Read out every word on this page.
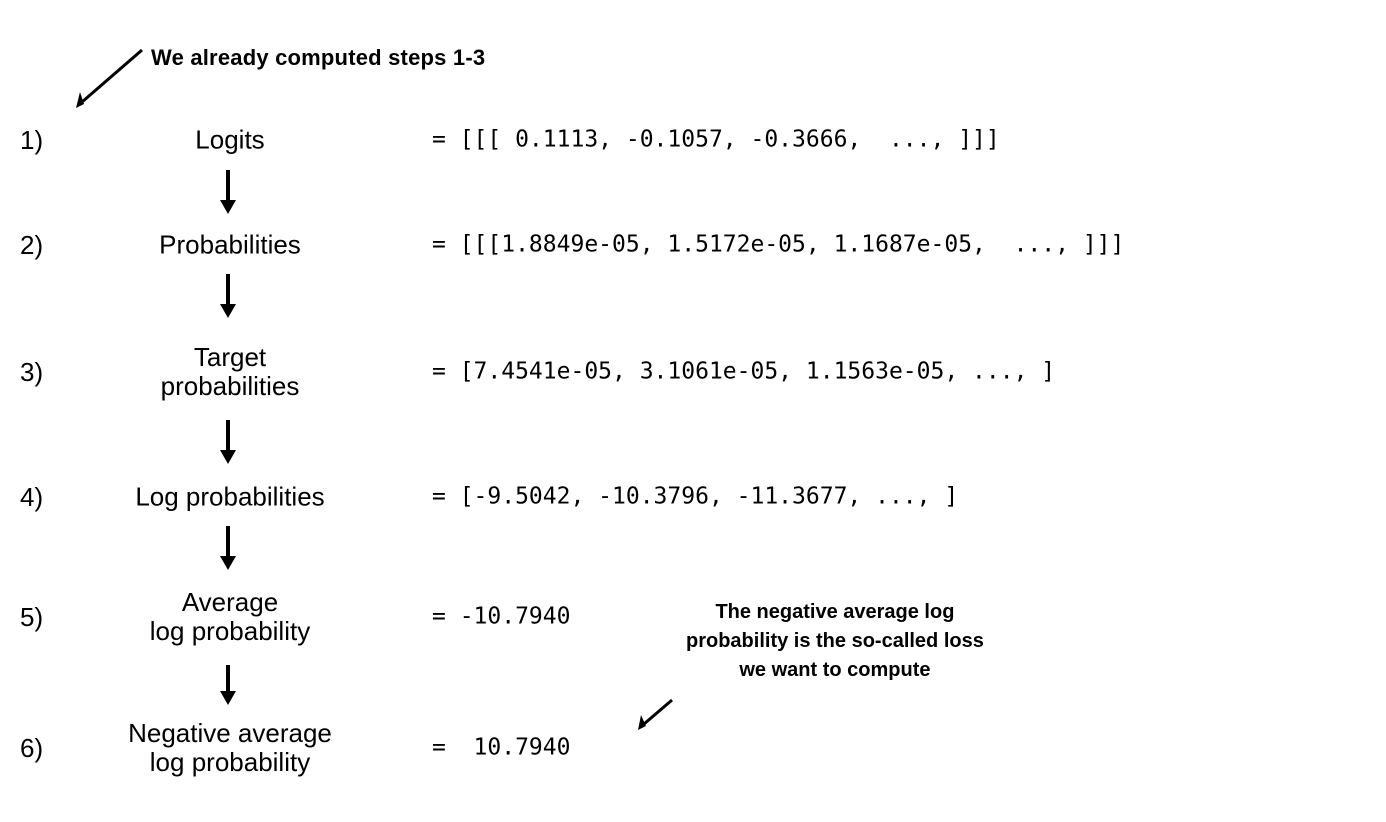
We already computed steps 1-3
The negative average log
probability is the so-called loss
we want to compute
1)	Logits	= [[[ 0.1113, -0.1057, -0.3666,  ..., ]]]
2)	Probabilities	= [[[1.8849e-05, 1.5172e-05, 1.1687e-05,  ..., ]]]
3)
Target
probabilities	= [7.4541e-05, 3.1061e-05, 1.1563e-05, ..., ]
4)	Log probabilities	= [-9.5042, -10.3796, -11.3677, ..., ]
5)
Average
log probability	= -10.7940
6)
Negative average
log probability	=  10.7940
